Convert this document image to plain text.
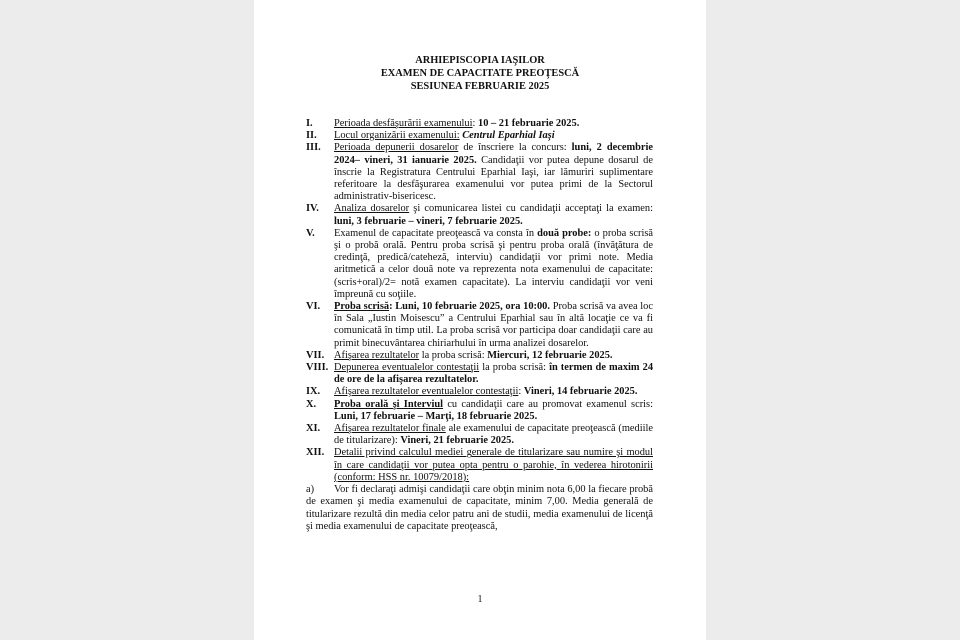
ARHIEPISCOPIA IAŞILOR
EXAMEN DE CAPACITATE PREOŢESCĂ
SESIUNEA FEBRUARIE 2025

I. Perioada desfăşurării examenului: 10 – 21 februarie 2025.

II. Locul organizării examenului: Centrul Eparhial Iaşi

III. Perioada depunerii dosarelor de înscriere la concurs: luni, 2 decembrie 2024– vineri, 31 ianuarie 2025. Candidaţii vor putea depune dosarul de înscrie la Registratura Centrului Eparhial Iaşi, iar lămuriri suplimentare referitoare la desfăşurarea examenului vor putea primi de la Sectorul administrativ-bisericesc.

IV. Analiza dosarelor şi comunicarea listei cu candidaţii acceptaţi la examen: luni, 3 februarie – vineri, 7 februarie 2025.

V. Examenul de capacitate preoţească va consta în două probe: o proba scrisă şi o probă orală. Pentru proba scrisă şi pentru proba orală (învăţătura de credinţă, predică/cateheză, interviu) candidaţii vor primi note. Media aritmetică a celor două note va reprezenta nota examenului de capacitate: (scris+oral)/2= notă examen capacitate). La interviu candidaţii vor veni împreună cu soţiile.

VI. Proba scrisă: Luni, 10 februarie 2025, ora 10:00. Proba scrisă va avea loc în Sala „Iustin Moisescu” a Centrului Eparhial sau în altă locaţie ce va fi comunicată în timp util. La proba scrisă vor participa doar candidaţii care au primit binecuvântarea chiriarhului în urma analizei dosarelor.

VII. Afişarea rezultatelor la proba scrisă: Miercuri, 12 februarie 2025.

VIII. Depunerea eventualelor contestaţii la proba scrisă: în termen de maxim 24 de ore de la afişarea rezultatelor.

IX. Afişarea rezultatelor eventualelor contestaţii: Vineri, 14 februarie 2025.

X. Proba orală şi Interviul cu candidaţii care au promovat examenul scris: Luni, 17 februarie – Marţi, 18 februarie 2025.

XI. Afişarea rezultatelor finale ale examenului de capacitate preoţească (mediile de titularizare): Vineri, 21 februarie 2025.

XII. Detalii privind calculul mediei generale de titularizare sau numire şi modul în care candidaţii vor putea opta pentru o parohie, în vederea hirotonirii (conform: HSS nr. 10079/2018):

a) Vor fi declaraţi admişi candidaţii care obţin minim nota 6,00 la fiecare probă de examen şi media examenului de capacitate, minim 7,00. Media generală de titularizare rezultă din media celor patru ani de studii, media examenului de licenţă şi media examenului de capacitate preoţească,

1
